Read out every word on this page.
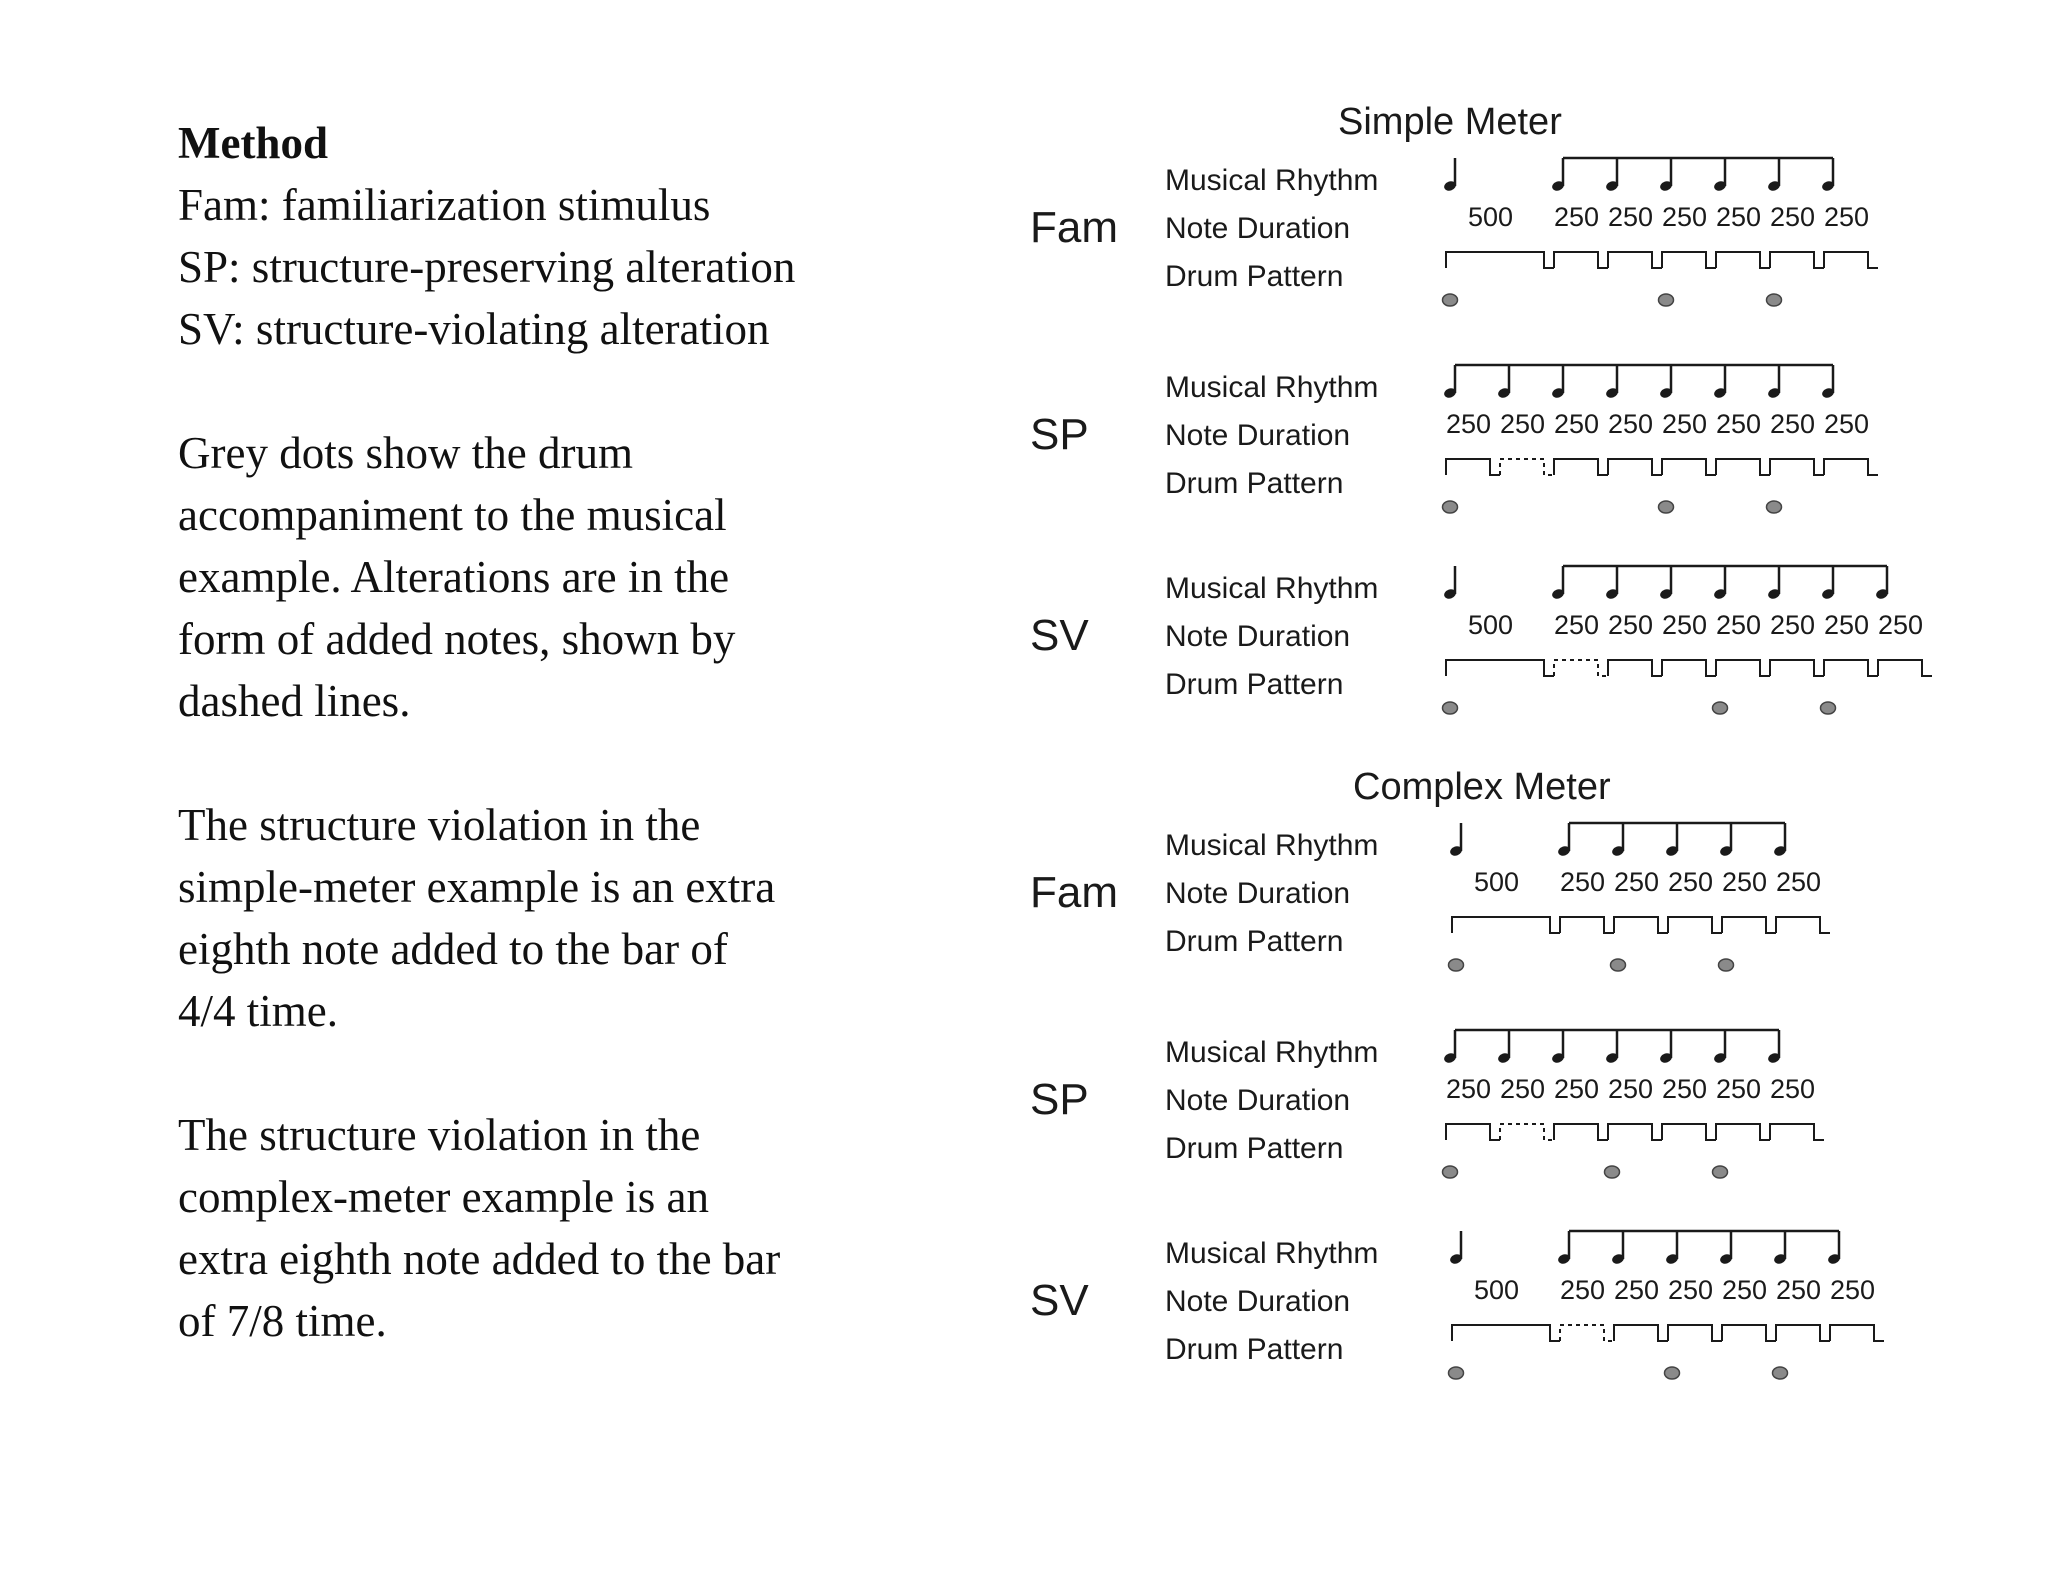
Method
Fam: familiarization stimulus
SP: structure-preserving alteration
SV: structure-violating alteration
Grey dots show the drum
accompaniment to the musical
example. Alterations are in the
form of added notes, shown by
dashed lines.
The structure violation in the
simple-meter example is an extra
eighth note added to the bar of
4/4 time.
The structure violation in the
complex-meter example is an
extra eighth note added to the bar
of 7/8 time.
Simple Meter
Fam
Musical Rhythm
Note Duration
Drum Pattern
500 250 250 250 250 250 250
SP
Musical Rhythm
Note Duration
Drum Pattern
250 250 250 250 250 250 250 250
SV
Musical Rhythm
Note Duration
Drum Pattern
500 250 250 250 250 250 250 250
Complex Meter
Fam
Musical Rhythm
Note Duration
Drum Pattern
500 250 250 250 250 250
SP
Musical Rhythm
Note Duration
Drum Pattern
250 250 250 250 250 250 250
SV
Musical Rhythm
Note Duration
Drum Pattern
500 250 250 250 250 250 250
